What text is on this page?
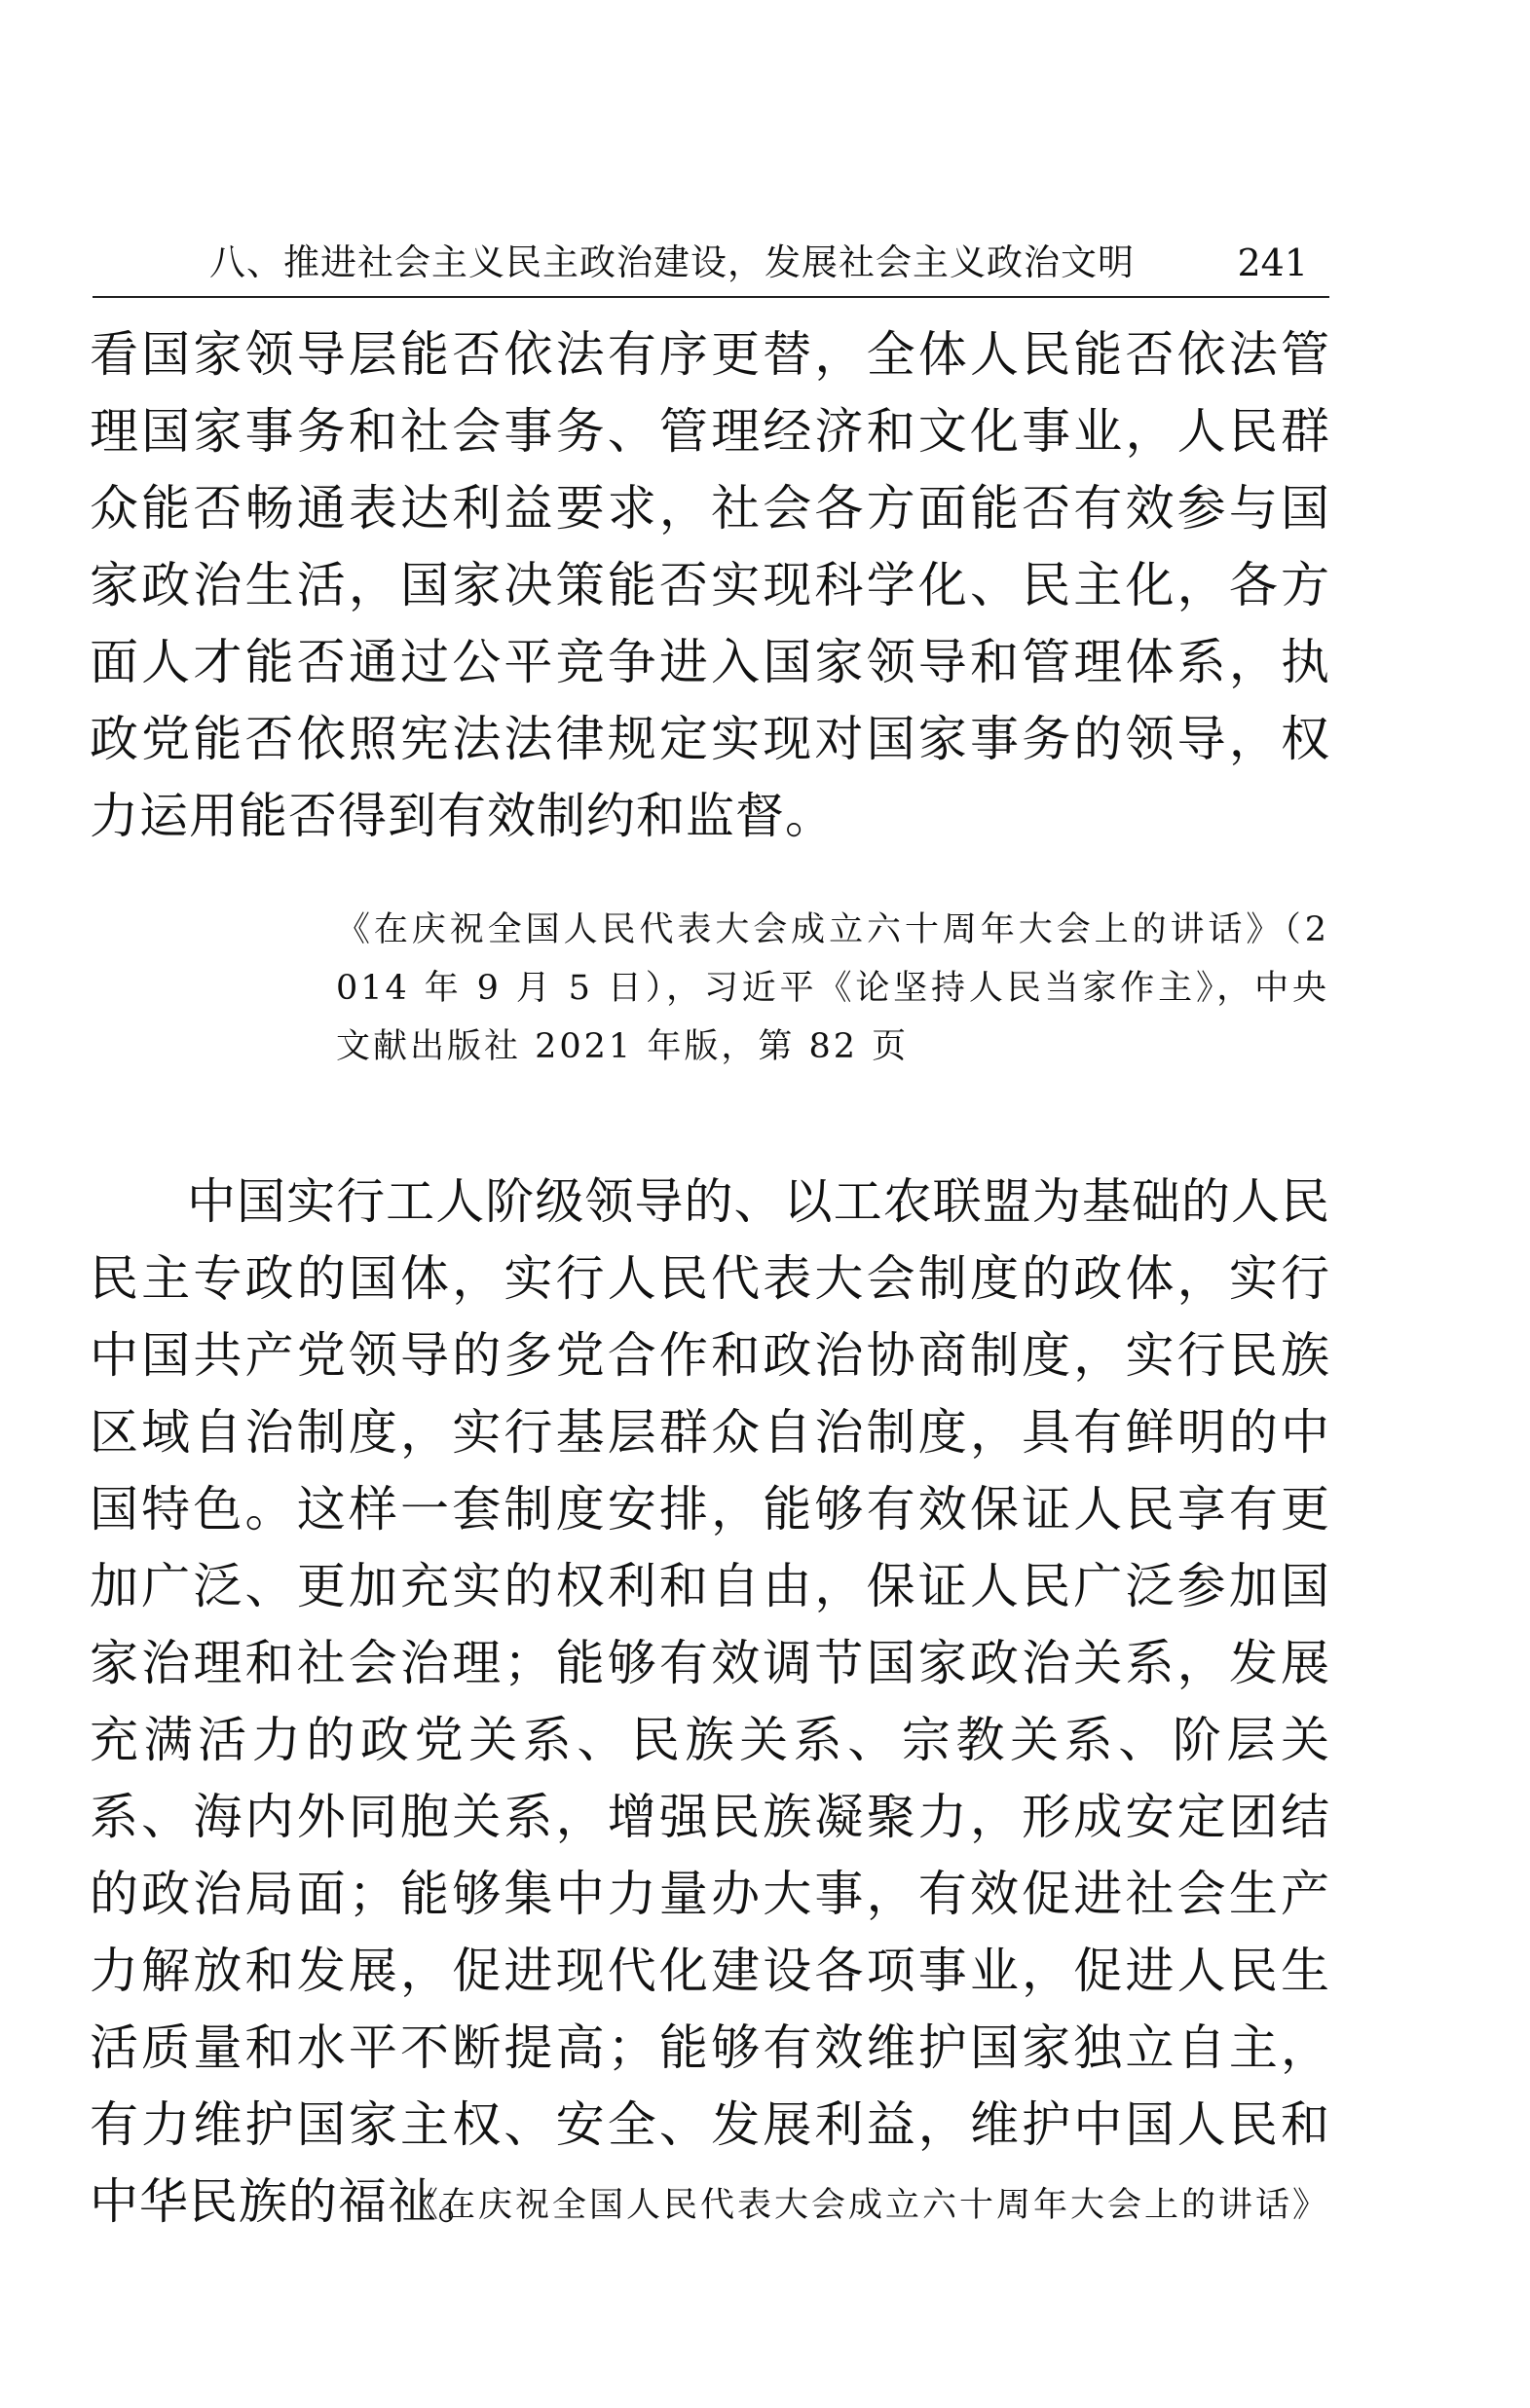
八、推进社会主义民主政治建设，发展社会主义政治文明	241

看国家领导层能否依法有序更替，全体人民能否依法管理国家事务和社会事务、管理经济和文化事业，人民群众能否畅通表达利益要求，社会各方面能否有效参与国家政治生活，国家决策能否实现科学化、民主化，各方面人才能否通过公平竞争进入国家领导和管理体系，执政党能否依照宪法法律规定实现对国家事务的领导，权力运用能否得到有效制约和监督。

《在庆祝全国人民代表大会成立六十周年大会上的讲话》（2014 年 9 月 5 日），习近平《论坚持人民当家作主》，中央文献出版社 2021 年版，第 82 页

中国实行工人阶级领导的、以工农联盟为基础的人民民主专政的国体，实行人民代表大会制度的政体，实行中国共产党领导的多党合作和政治协商制度，实行民族区域自治制度，实行基层群众自治制度，具有鲜明的中国特色。这样一套制度安排，能够有效保证人民享有更加广泛、更加充实的权利和自由，保证人民广泛参加国家治理和社会治理；能够有效调节国家政治关系，发展充满活力的政党关系、民族关系、宗教关系、阶层关系、海内外同胞关系，增强民族凝聚力，形成安定团结的政治局面；能够集中力量办大事，有效促进社会生产力解放和发展，促进现代化建设各项事业，促进人民生活质量和水平不断提高；能够有效维护国家独立自主，有力维护国家主权、安全、发展利益，维护中国人民和中华民族的福祉。

《在庆祝全国人民代表大会成立六十周年大会上的讲话》
